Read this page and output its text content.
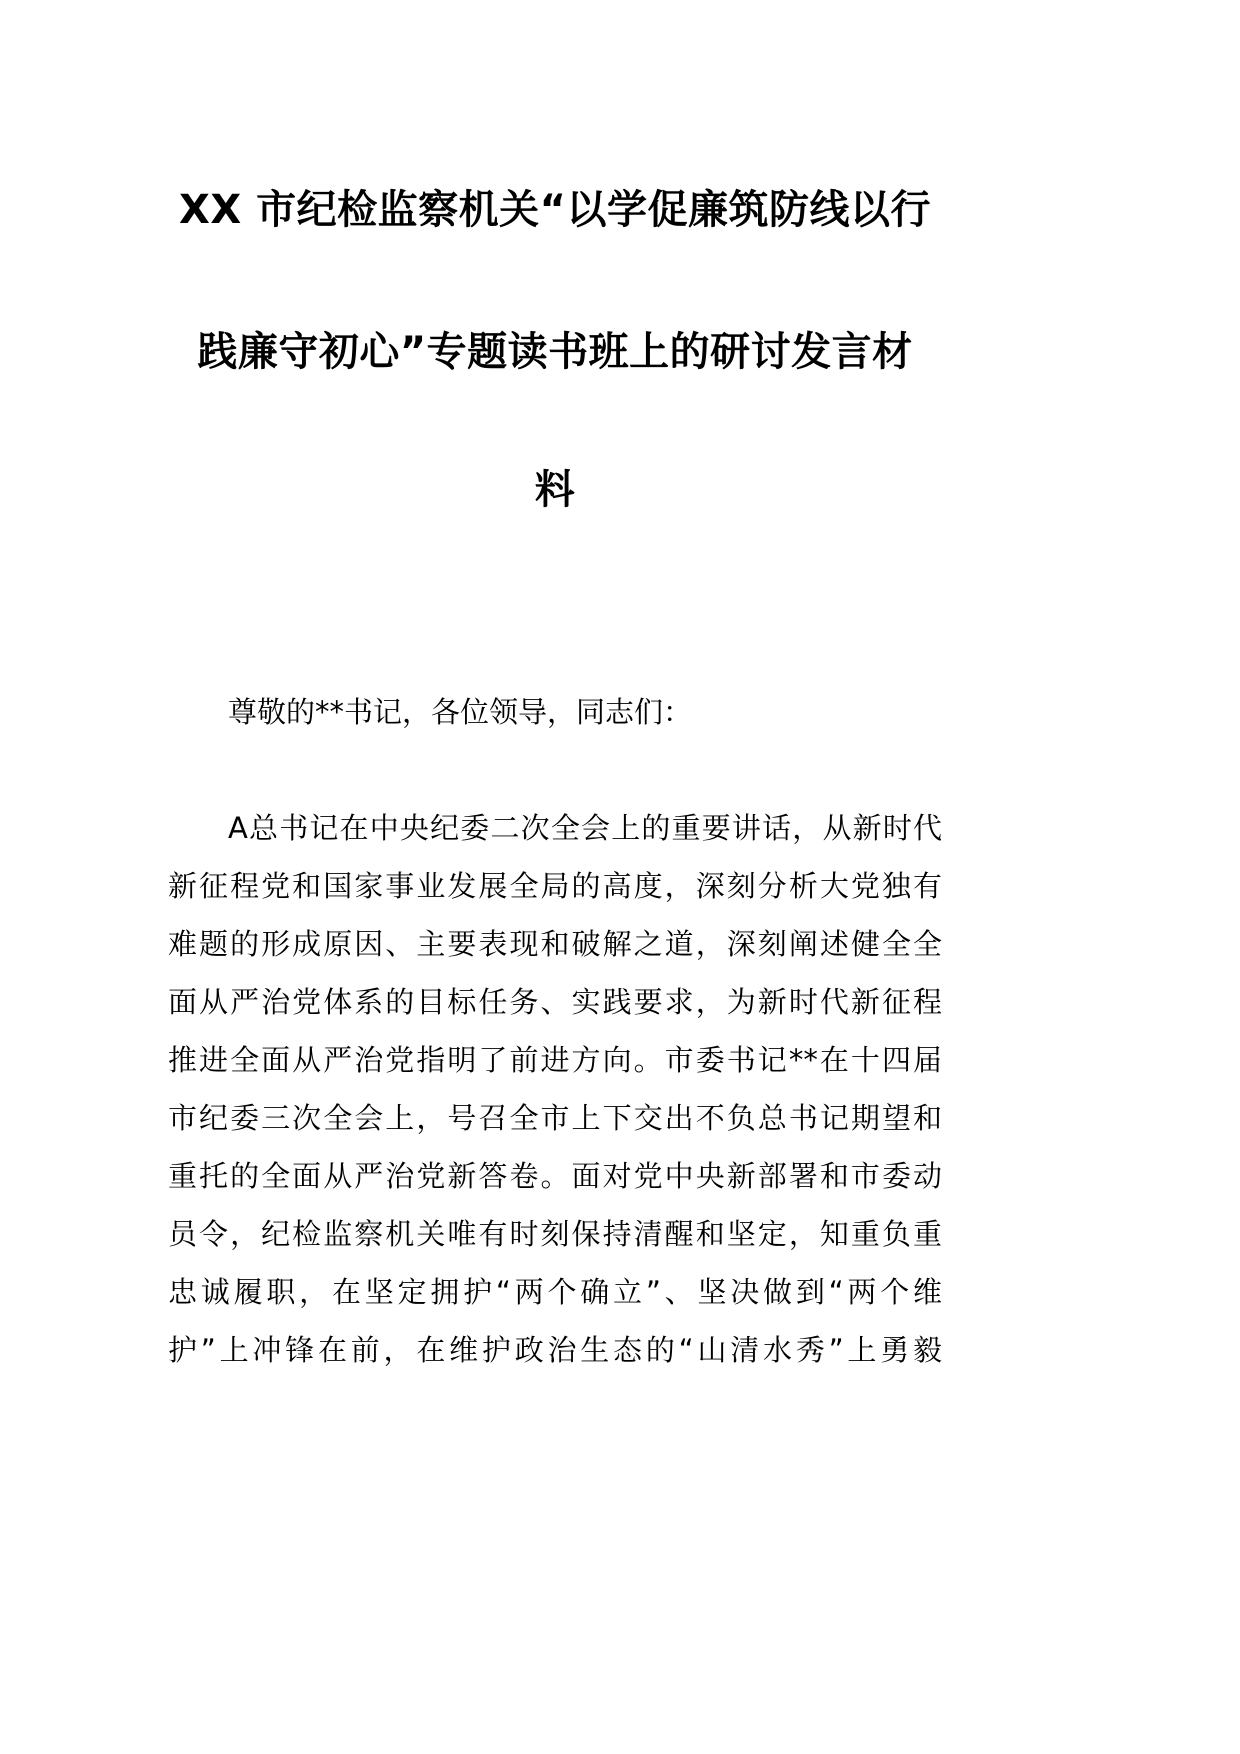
XX 市纪检监察机关“以学促廉筑防线以行
践廉守初心”专题读书班上的研讨发言材
料

尊敬的**书记，各位领导，同志们：

A总书记在中央纪委二次全会上的重要讲话，从新时代

新征程党和国家事业发展全局的高度，深刻分析大党独有

难题的形成原因、主要表现和破解之道，深刻阐述健全全

面从严治党体系的目标任务、实践要求，为新时代新征程

推进全面从严治党指明了前进方向。市委书记**在十四届

市纪委三次全会上，号召全市上下交出不负总书记期望和

重托的全面从严治党新答卷。面对党中央新部署和市委动

员令，纪检监察机关唯有时刻保持清醒和坚定，知重负重

忠诚履职，在坚定拥护“两个确立”、坚决做到“两个维

护”上冲锋在前，在维护政治生态的“山清水秀”上勇毅
